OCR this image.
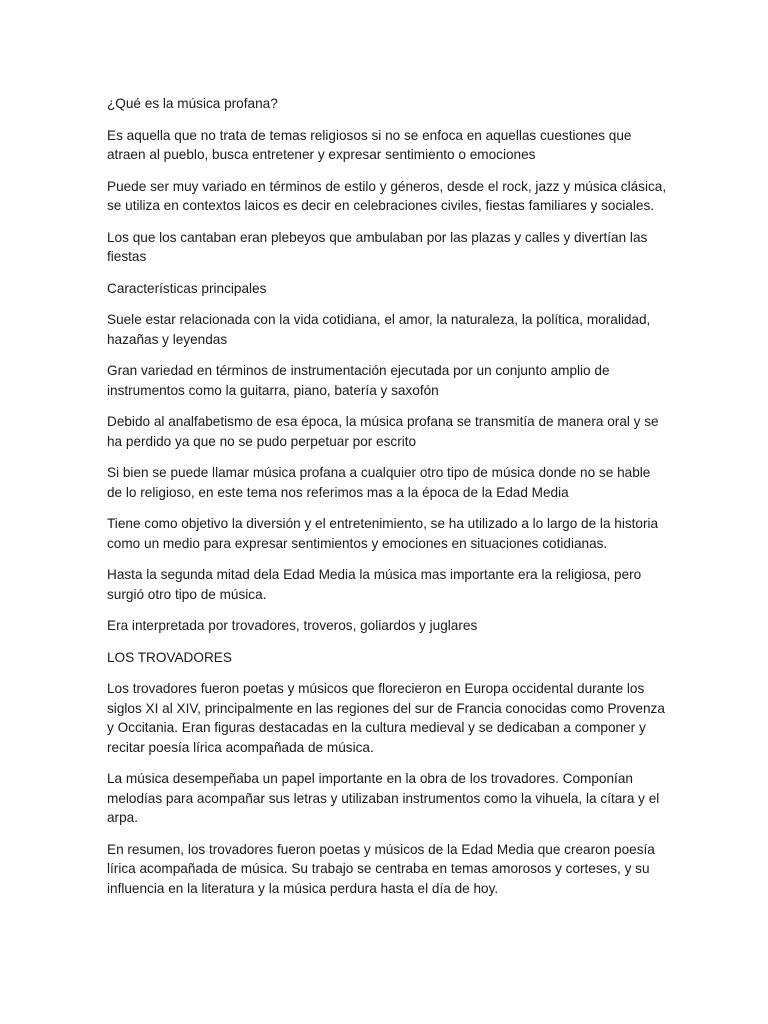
¿Qué es la música profana?

Es aquella que no trata de temas religiosos si no se enfoca en aquellas cuestiones que atraen al pueblo, busca entretener y expresar sentimiento o emociones

Puede ser muy variado en términos de estilo y géneros, desde el rock, jazz y música clásica, se utiliza en contextos laicos es decir en celebraciones civiles, fiestas familiares y sociales.

Los que los cantaban eran plebeyos que ambulaban por las plazas y calles y divertían las fiestas

Características principales

Suele estar relacionada con la vida cotidiana, el amor, la naturaleza, la política, moralidad, hazañas y leyendas

Gran variedad en términos de instrumentación ejecutada por un conjunto amplio de instrumentos como la guitarra, piano, batería y saxofón

Debido al analfabetismo de esa época, la música profana se transmitía de manera oral y se ha perdido ya que no se pudo perpetuar por escrito

Si bien se puede llamar música profana a cualquier otro tipo de música donde no se hable de lo religioso, en este tema nos referimos mas a la época de la Edad Media

Tiene como objetivo la diversión y el entretenimiento, se ha utilizado a lo largo de la historia como un medio para expresar sentimientos y emociones en situaciones cotidianas.

Hasta la segunda mitad dela Edad Media la música mas importante era la religiosa, pero surgió otro tipo de música.

Era interpretada por trovadores, troveros, goliardos y juglares

LOS TROVADORES

Los trovadores fueron poetas y músicos que florecieron en Europa occidental durante los siglos XI al XIV, principalmente en las regiones del sur de Francia conocidas como Provenza y Occitania. Eran figuras destacadas en la cultura medieval y se dedicaban a componer y recitar poesía lírica acompañada de música.

La música desempeñaba un papel importante en la obra de los trovadores. Componían melodías para acompañar sus letras y utilizaban instrumentos como la vihuela, la cítara y el arpa.

En resumen, los trovadores fueron poetas y músicos de la Edad Media que crearon poesía lírica acompañada de música. Su trabajo se centraba en temas amorosos y corteses, y su influencia en la literatura y la música perdura hasta el día de hoy.
